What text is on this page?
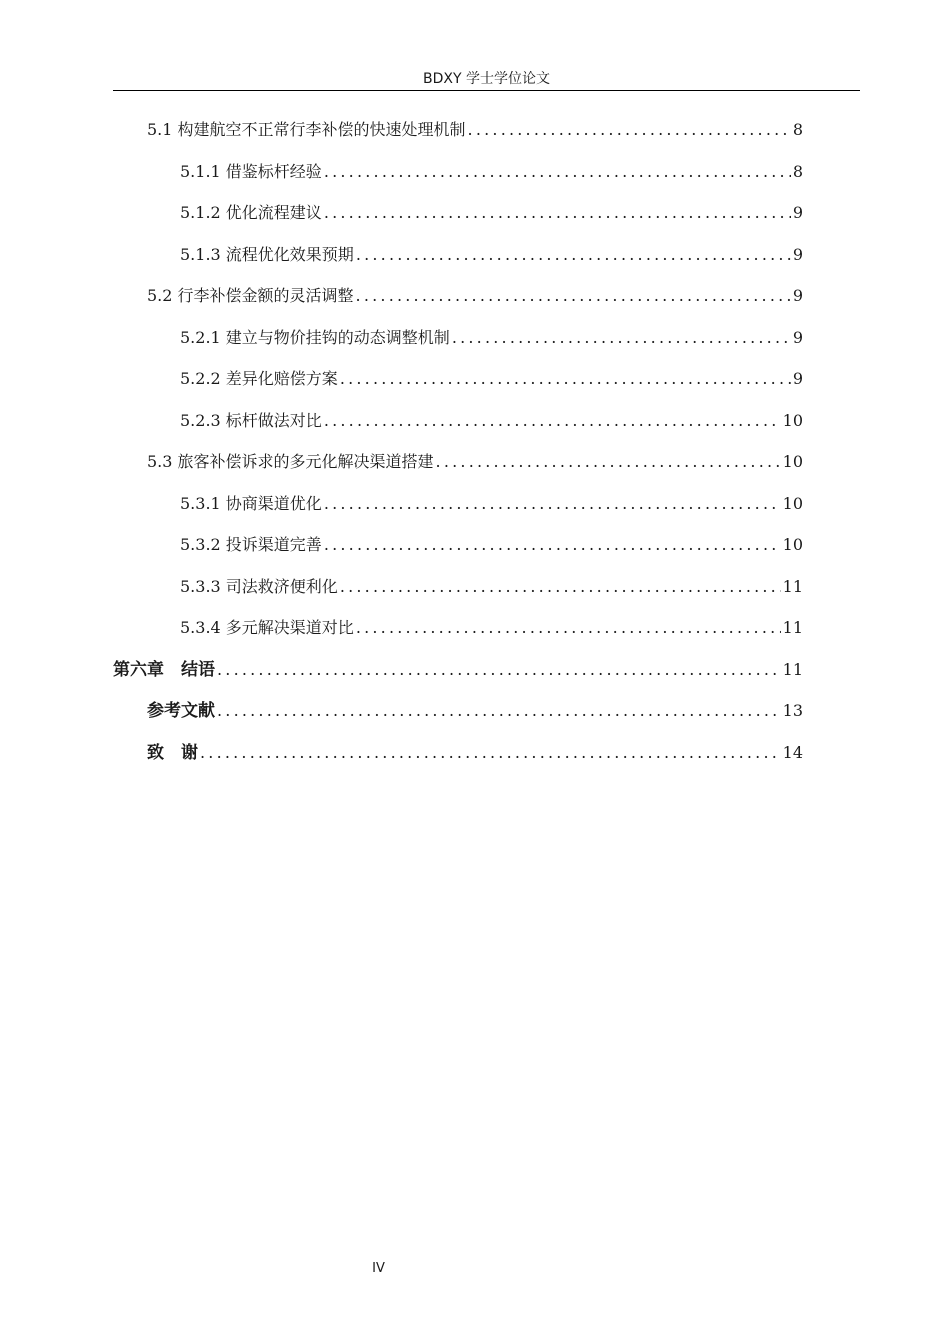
BDXY 学士学位论文
5.1 构建航空不正常行李补偿的快速处理机制 .....	8
5.1.1 借鉴标杆经验 .....	8
5.1.2 优化流程建议 .....	9
5.1.3 流程优化效果预期 .....	9
5.2 行李补偿金额的灵活调整 .....	9
5.2.1 建立与物价挂钩的动态调整机制 .....	9
5.2.2 差异化赔偿方案 .....	9
5.2.3 标杆做法对比 .....	10
5.3 旅客补偿诉求的多元化解决渠道搭建 .....	10
5.3.1 协商渠道优化 .....	10
5.3.2 投诉渠道完善 .....	10
5.3.3 司法救济便利化 .....	11
5.3.4 多元解决渠道对比 .....	11
第六章　结语 .....	11
参考文献 .....	13
致　谢 .....	14
IV
